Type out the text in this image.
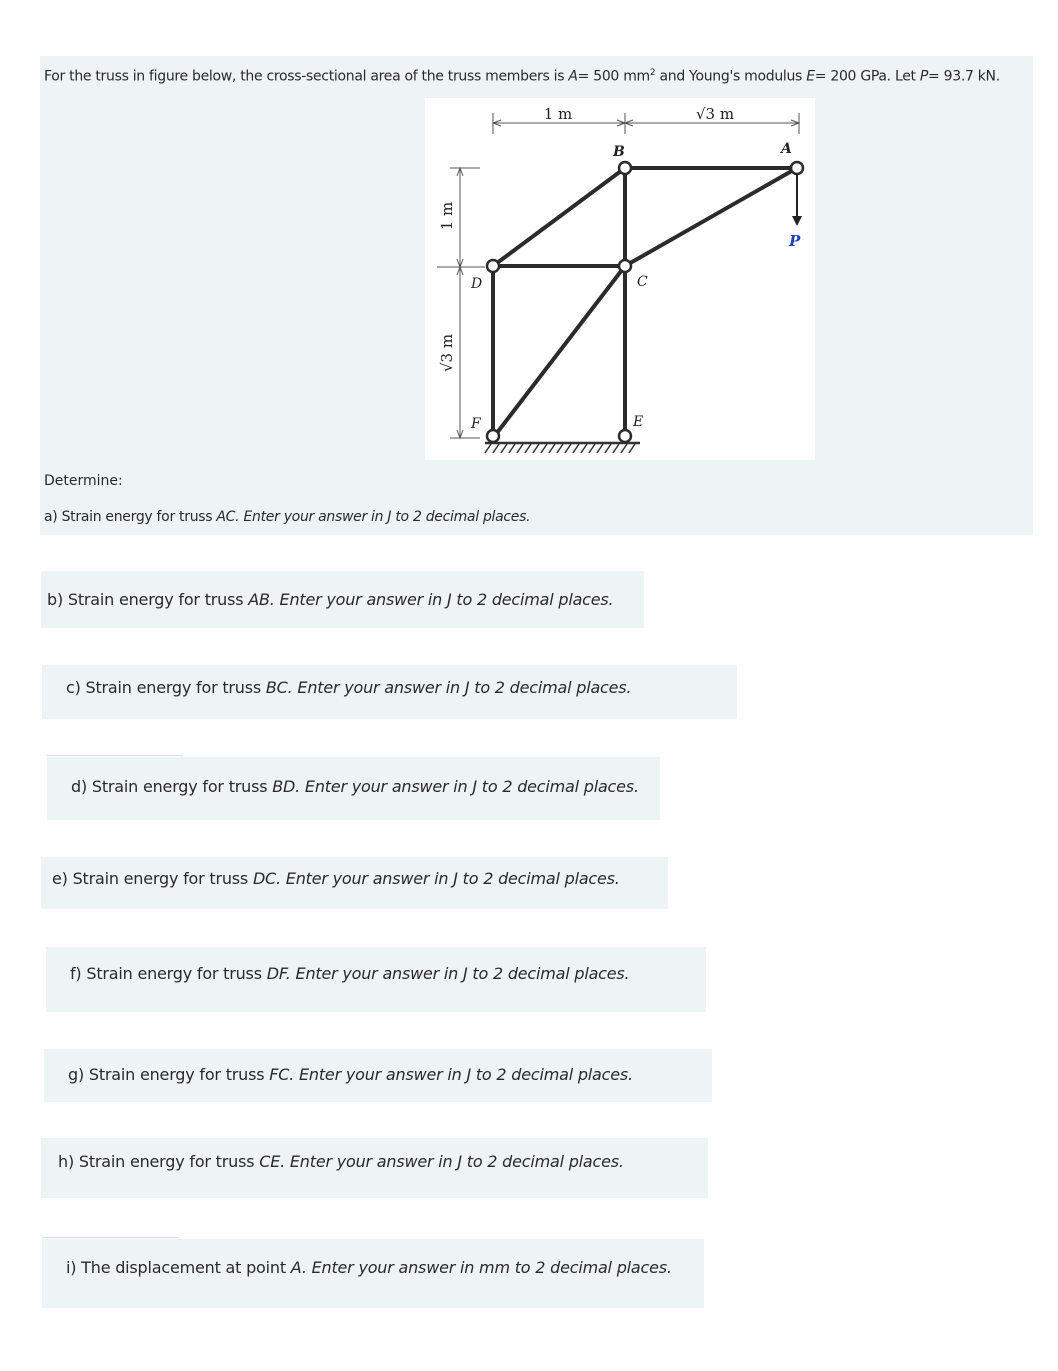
For the truss in figure below, the cross-sectional area of the truss members is A= 500 $mm^2$ and Young's modulus E= 200 GPa. Let P= 93.7 kN.
1 m	√3 m
1 m
√3 m
B	A
C
D
F	E
P
Determine:
a) Strain energy for truss AC. Enter your answer in J to 2 decimal places.
b) Strain energy for truss AB. Enter your answer in J to 2 decimal places.
c) Strain energy for truss BC. Enter your answer in J to 2 decimal places.
d) Strain energy for truss BD. Enter your answer in J to 2 decimal places.
e) Strain energy for truss DC. Enter your answer in J to 2 decimal places.
f) Strain energy for truss DF. Enter your answer in J to 2 decimal places.
g) Strain energy for truss FC. Enter your answer in J to 2 decimal places.
h) Strain energy for truss CE. Enter your answer in J to 2 decimal places.
i) The displacement at point A. Enter your answer in mm to 2 decimal places.
